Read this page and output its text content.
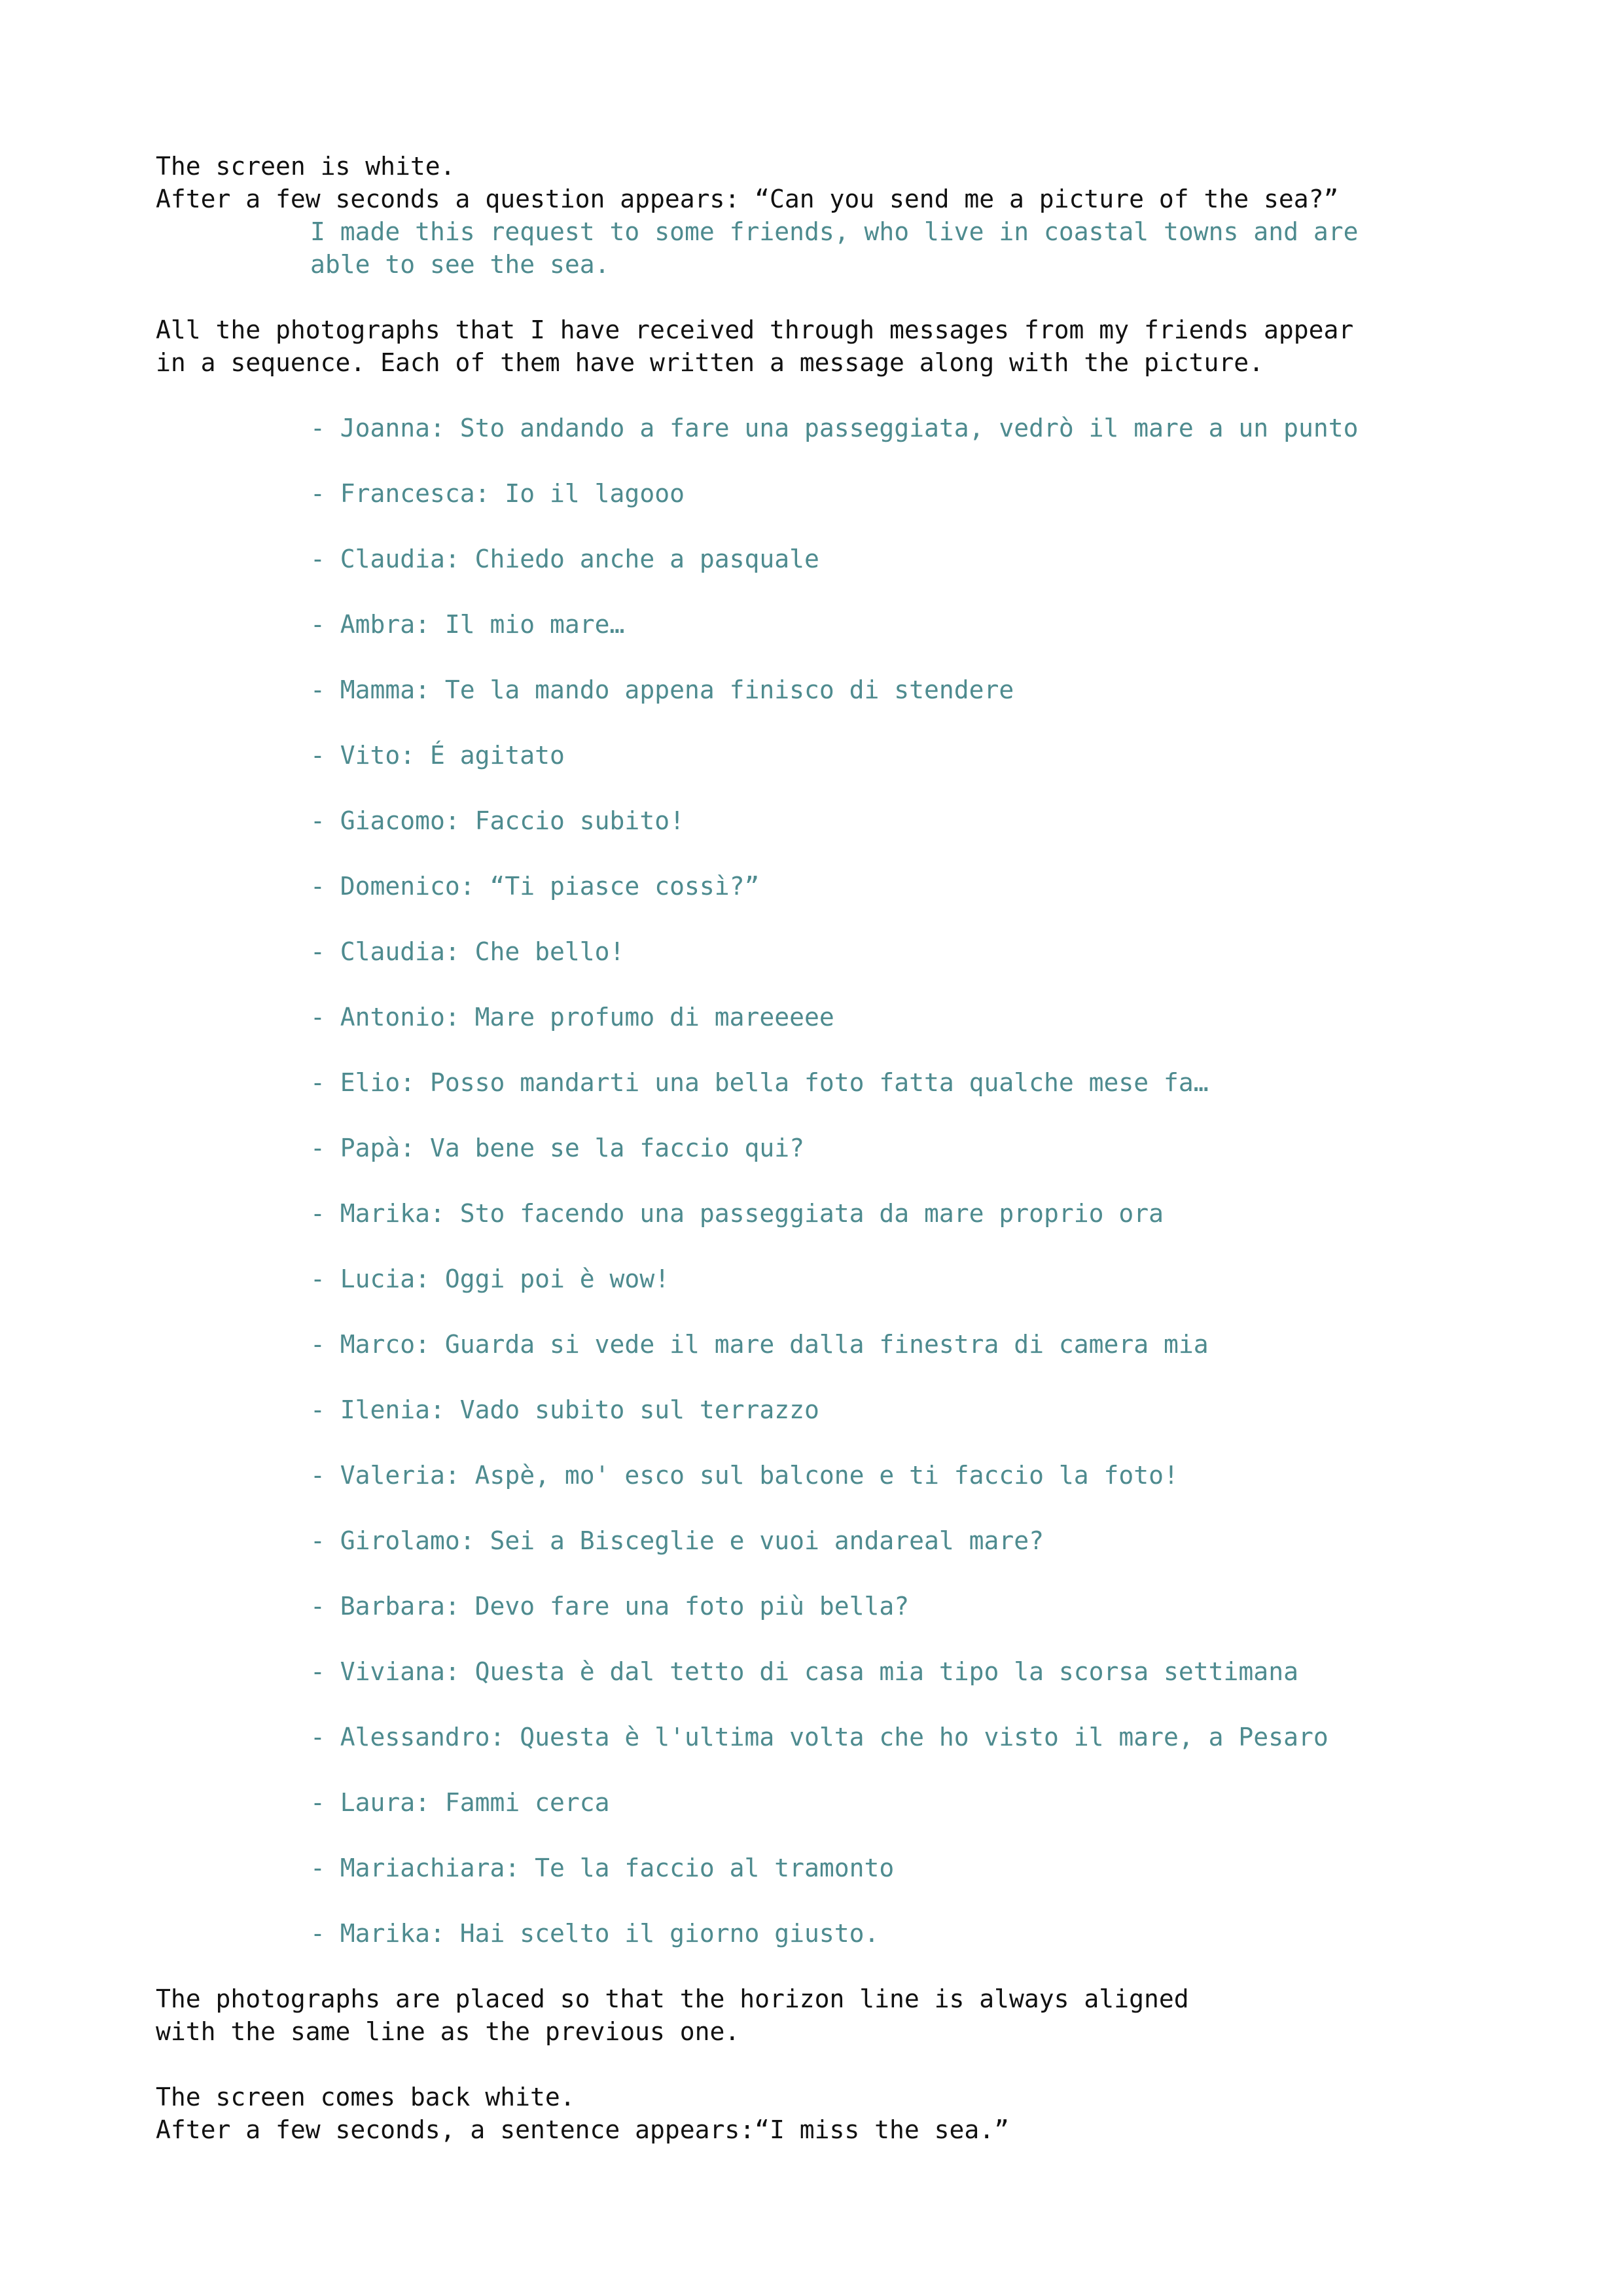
The screen is white.
After a few seconds a question appears: “Can you send me a picture of the sea?”
I made this request to some friends, who live in coastal towns and are
able to see the sea.
All the photographs that I have received through messages from my friends appear
in a sequence. Each of them have written a message along with the picture.
- Joanna: Sto andando a fare una passeggiata, vedrò il mare a un punto
- Francesca: Io il lagooo
- Claudia: Chiedo anche a pasquale
- Ambra: Il mio mare…
- Mamma: Te la mando appena finisco di stendere
- Vito: É agitato
- Giacomo: Faccio subito!
- Domenico: “Ti piasce cossì?”
- Claudia: Che bello!
- Antonio: Mare profumo di mareeeee
- Elio: Posso mandarti una bella foto fatta qualche mese fa…
- Papà: Va bene se la faccio qui?
- Marika: Sto facendo una passeggiata da mare proprio ora
- Lucia: Oggi poi è wow!
- Marco: Guarda si vede il mare dalla finestra di camera mia
- Ilenia: Vado subito sul terrazzo
- Valeria: Aspè, mo' esco sul balcone e ti faccio la foto!
- Girolamo: Sei a Bisceglie e vuoi andareal mare?
- Barbara: Devo fare una foto più bella?
- Viviana: Questa è dal tetto di casa mia tipo la scorsa settimana
- Alessandro: Questa è l'ultima volta che ho visto il mare, a Pesaro
- Laura: Fammi cerca
- Mariachiara: Te la faccio al tramonto
- Marika: Hai scelto il giorno giusto.
The photographs are placed so that the horizon line is always aligned
with the same line as the previous one.
The screen comes back white.
After a few seconds, a sentence appears:“I miss the sea.”
